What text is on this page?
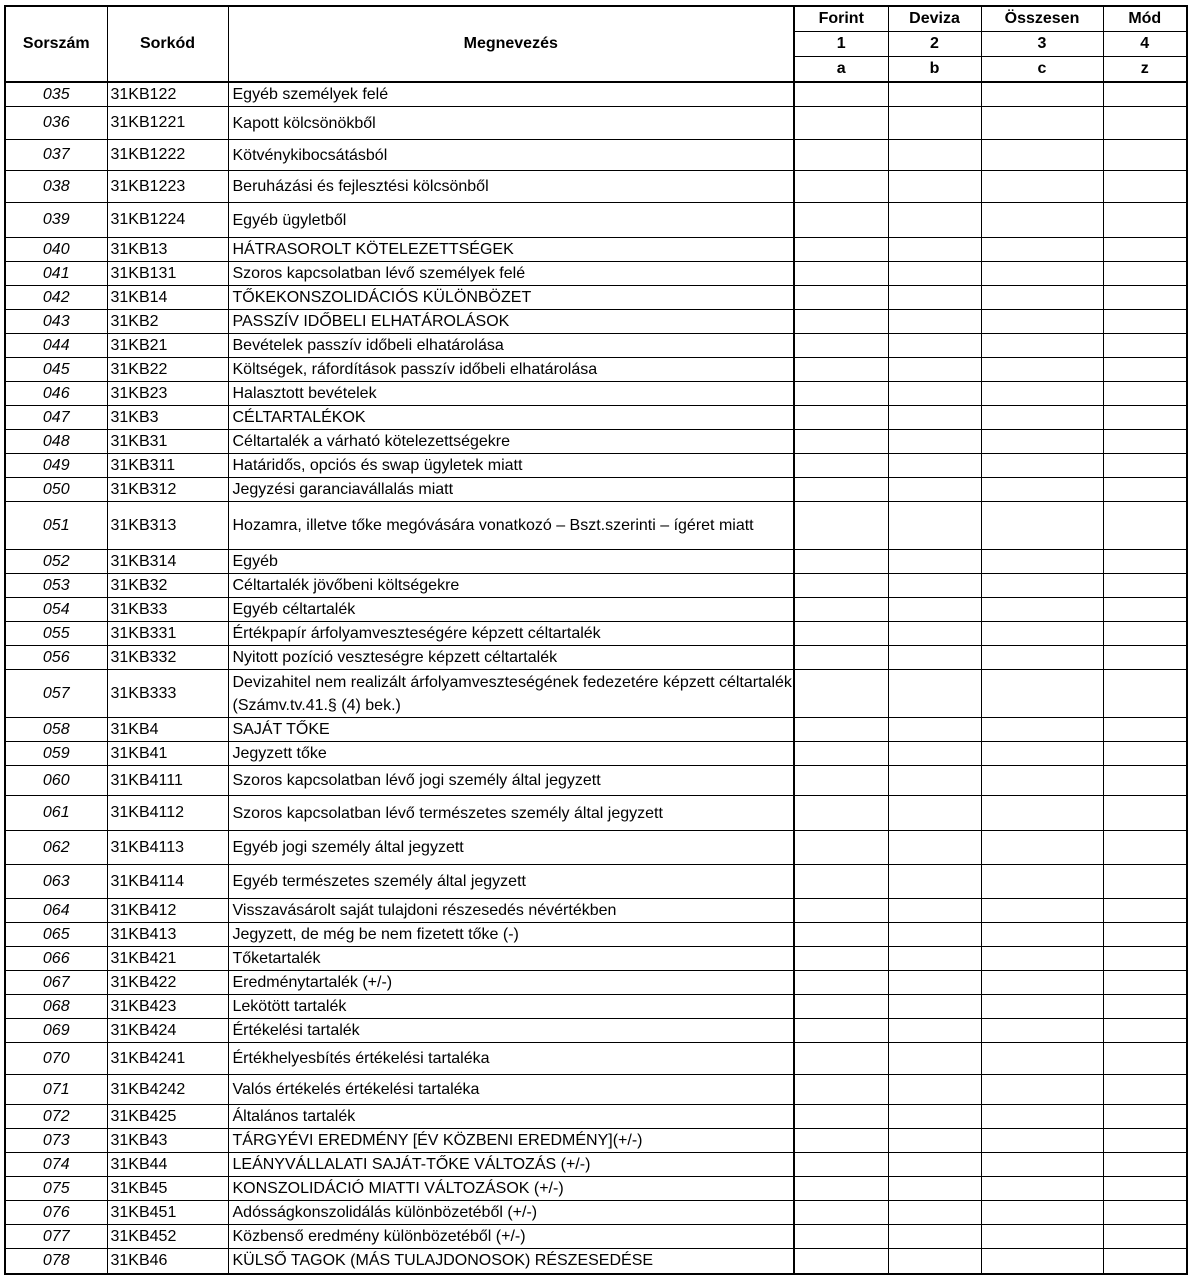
Sorszám	Sorkód	Megnevezés	Forint	Deviza	Összesen	Mód
			1	2	3	4
			a	b	c	z
035	31KB122	Egyéb személyek felé				
036	31KB1221	Kapott kölcsönökből				
037	31KB1222	Kötvénykibocsátásból				
038	31KB1223	Beruházási és fejlesztési kölcsönből				
039	31KB1224	Egyéb ügyletből				
040	31KB13	HÁTRASOROLT KÖTELEZETTSÉGEK				
041	31KB131	Szoros kapcsolatban lévő személyek felé				
042	31KB14	TŐKEKONSZOLIDÁCIÓS KÜLÖNBÖZET				
043	31KB2	PASSZÍV IDŐBELI ELHATÁROLÁSOK				
044	31KB21	Bevételek passzív időbeli elhatárolása				
045	31KB22	Költségek, ráfordítások passzív időbeli elhatárolása				
046	31KB23	Halasztott bevételek				
047	31KB3	CÉLTARTALÉKOK				
048	31KB31	Céltartalék a várható kötelezettségekre				
049	31KB311	Határidős, opciós és swap ügyletek miatt				
050	31KB312	Jegyzési garanciavállalás miatt				
051	31KB313	Hozamra, illetve tőke megóvására vonatkozó – Bszt.szerinti – ígéret miatt				
052	31KB314	Egyéb				
053	31KB32	Céltartalék jövőbeni költségekre				
054	31KB33	Egyéb céltartalék				
055	31KB331	Értékpapír árfolyamveszteségére képzett céltartalék				
056	31KB332	Nyitott pozíció veszteségre képzett céltartalék				
057	31KB333	Devizahitel nem realizált árfolyamveszteségének fedezetére képzett céltartalék (Számv.tv.41.§ (4) bek.)				
058	31KB4	SAJÁT TŐKE				
059	31KB41	Jegyzett tőke				
060	31KB4111	Szoros kapcsolatban lévő jogi személy által jegyzett				
061	31KB4112	Szoros kapcsolatban lévő természetes személy által jegyzett				
062	31KB4113	Egyéb jogi személy által jegyzett				
063	31KB4114	Egyéb természetes személy által jegyzett				
064	31KB412	Visszavásárolt saját tulajdoni részesedés névértékben				
065	31KB413	Jegyzett, de még be nem fizetett tőke (-)				
066	31KB421	Tőketartalék				
067	31KB422	Eredménytartalék (+/-)				
068	31KB423	Lekötött tartalék				
069	31KB424	Értékelési tartalék				
070	31KB4241	Értékhelyesbítés értékelési tartaléka				
071	31KB4242	Valós értékelés értékelési tartaléka				
072	31KB425	Általános tartalék				
073	31KB43	TÁRGYÉVI EREDMÉNY [ÉV KÖZBENI EREDMÉNY](+/-)				
074	31KB44	LEÁNYVÁLLALATI SAJÁT-TŐKE VÁLTOZÁS (+/-)				
075	31KB45	KONSZOLIDÁCIÓ MIATTI VÁLTOZÁSOK (+/-)				
076	31KB451	Adósságkonszolidálás különbözetéből (+/-)				
077	31KB452	Közbenső eredmény különbözetéből (+/-)				
078	31KB46	KÜLSŐ TAGOK (MÁS TULAJDONOSOK) RÉSZESEDÉSE				
